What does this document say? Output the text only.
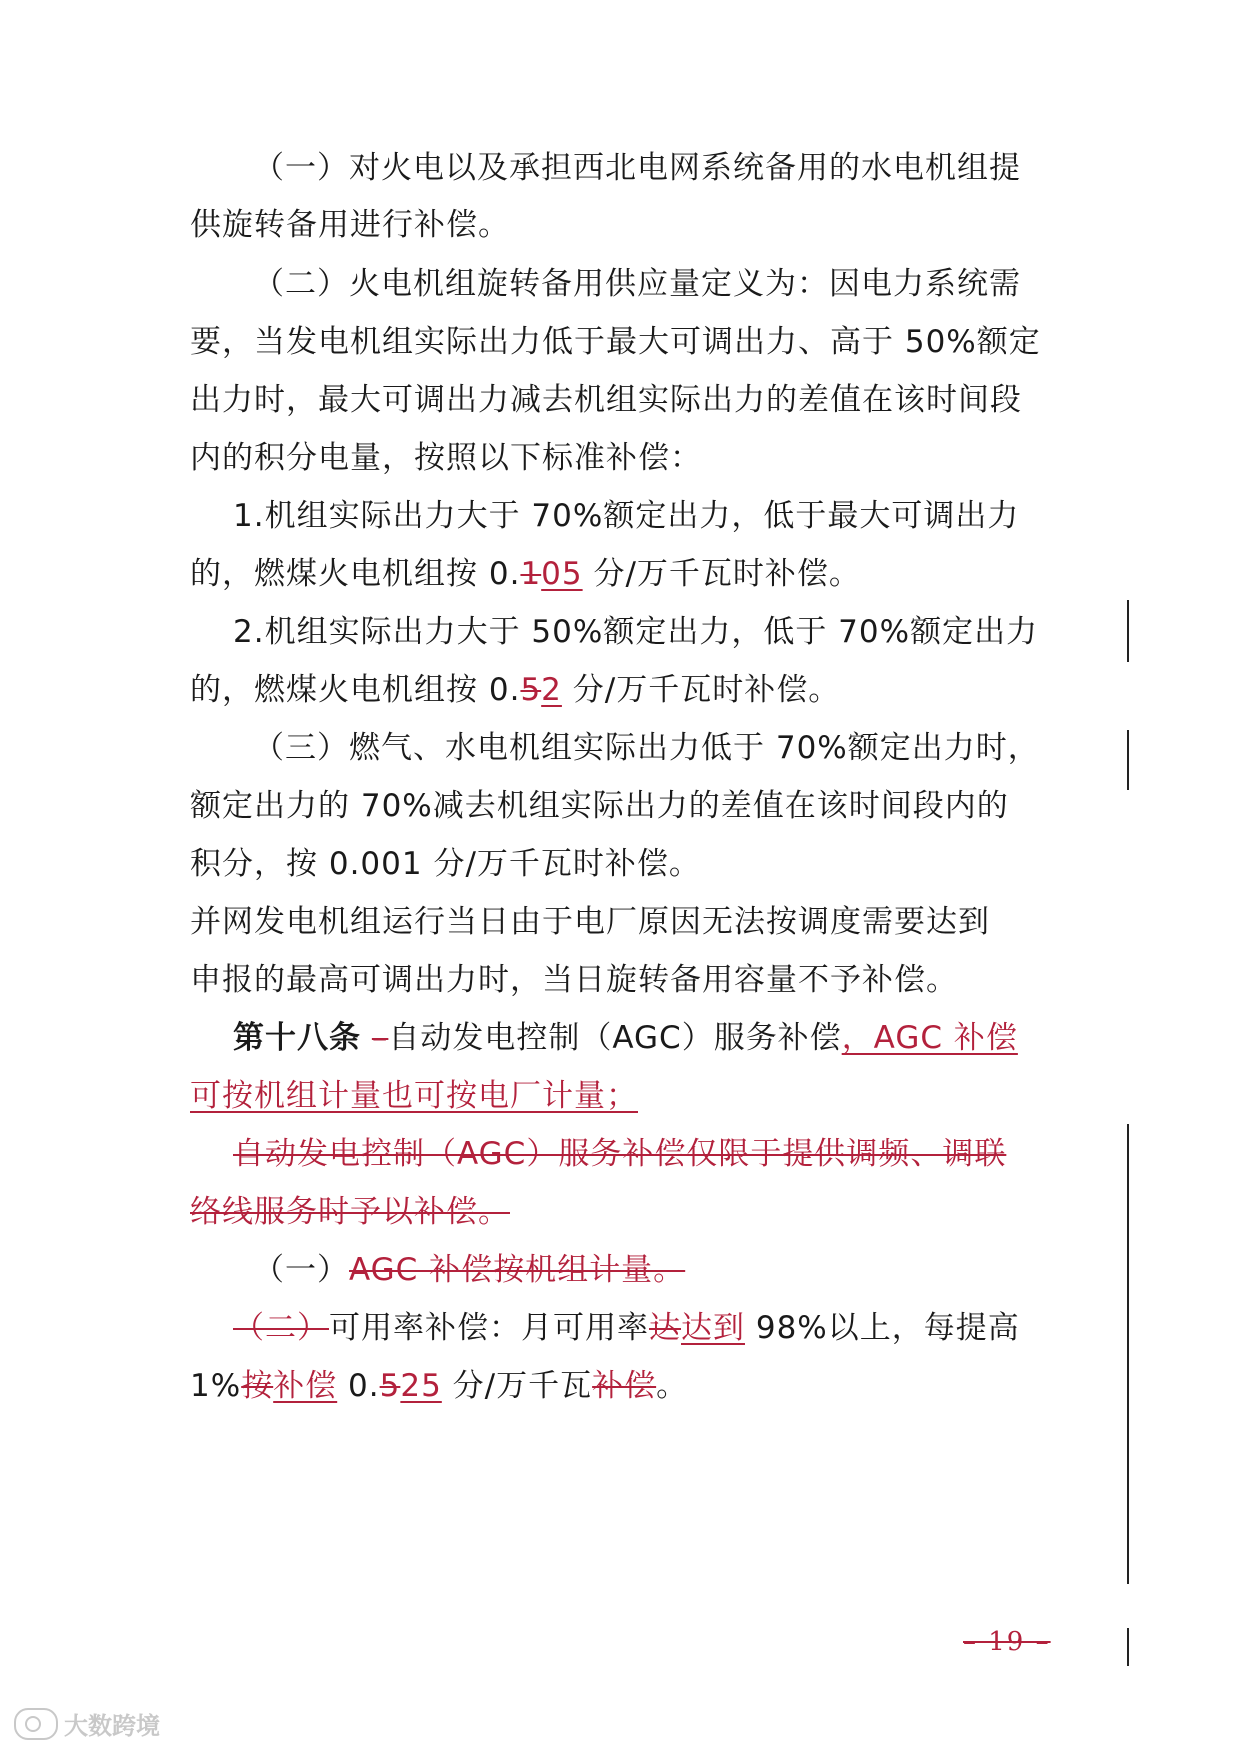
（一）对火电以及承担西北电网系统备用的水电机组提
供旋转备用进行补偿。
（二）火电机组旋转备用供应量定义为：因电力系统需
要，当发电机组实际出力低于最大可调出力、高于 50%额定
出力时，最大可调出力减去机组实际出力的差值在该时间段
内的积分电量，按照以下标准补偿：
1.机组实际出力大于 70%额定出力，低于最大可调出力
的，燃煤火电机组按 0.105 分/万千瓦时补偿。
2.机组实际出力大于 50%额定出力，低于 70%额定出力
的，燃煤火电机组按 0.52 分/万千瓦时补偿。
（三）燃气、水电机组实际出力低于 70%额定出力时，
额定出力的 70%减去机组实际出力的差值在该时间段内的
积分，按 0.001 分/万千瓦时补偿。
并网发电机组运行当日由于电厂原因无法按调度需要达到
申报的最高可调出力时，当日旋转备用容量不予补偿。
第十八条 –自动发电控制（AGC）服务补偿，AGC 补偿
可按机组计量也可按电厂计量；
自动发电控制（AGC）服务补偿仅限于提供调频、调联
络线服务时予以补偿。
（一）AGC 补偿按机组计量。
（二）可用率补偿：月可用率达达到 98%以上，每提高
1%按补偿 0.525 分/万千瓦补偿。
– 19 –
大数跨境
